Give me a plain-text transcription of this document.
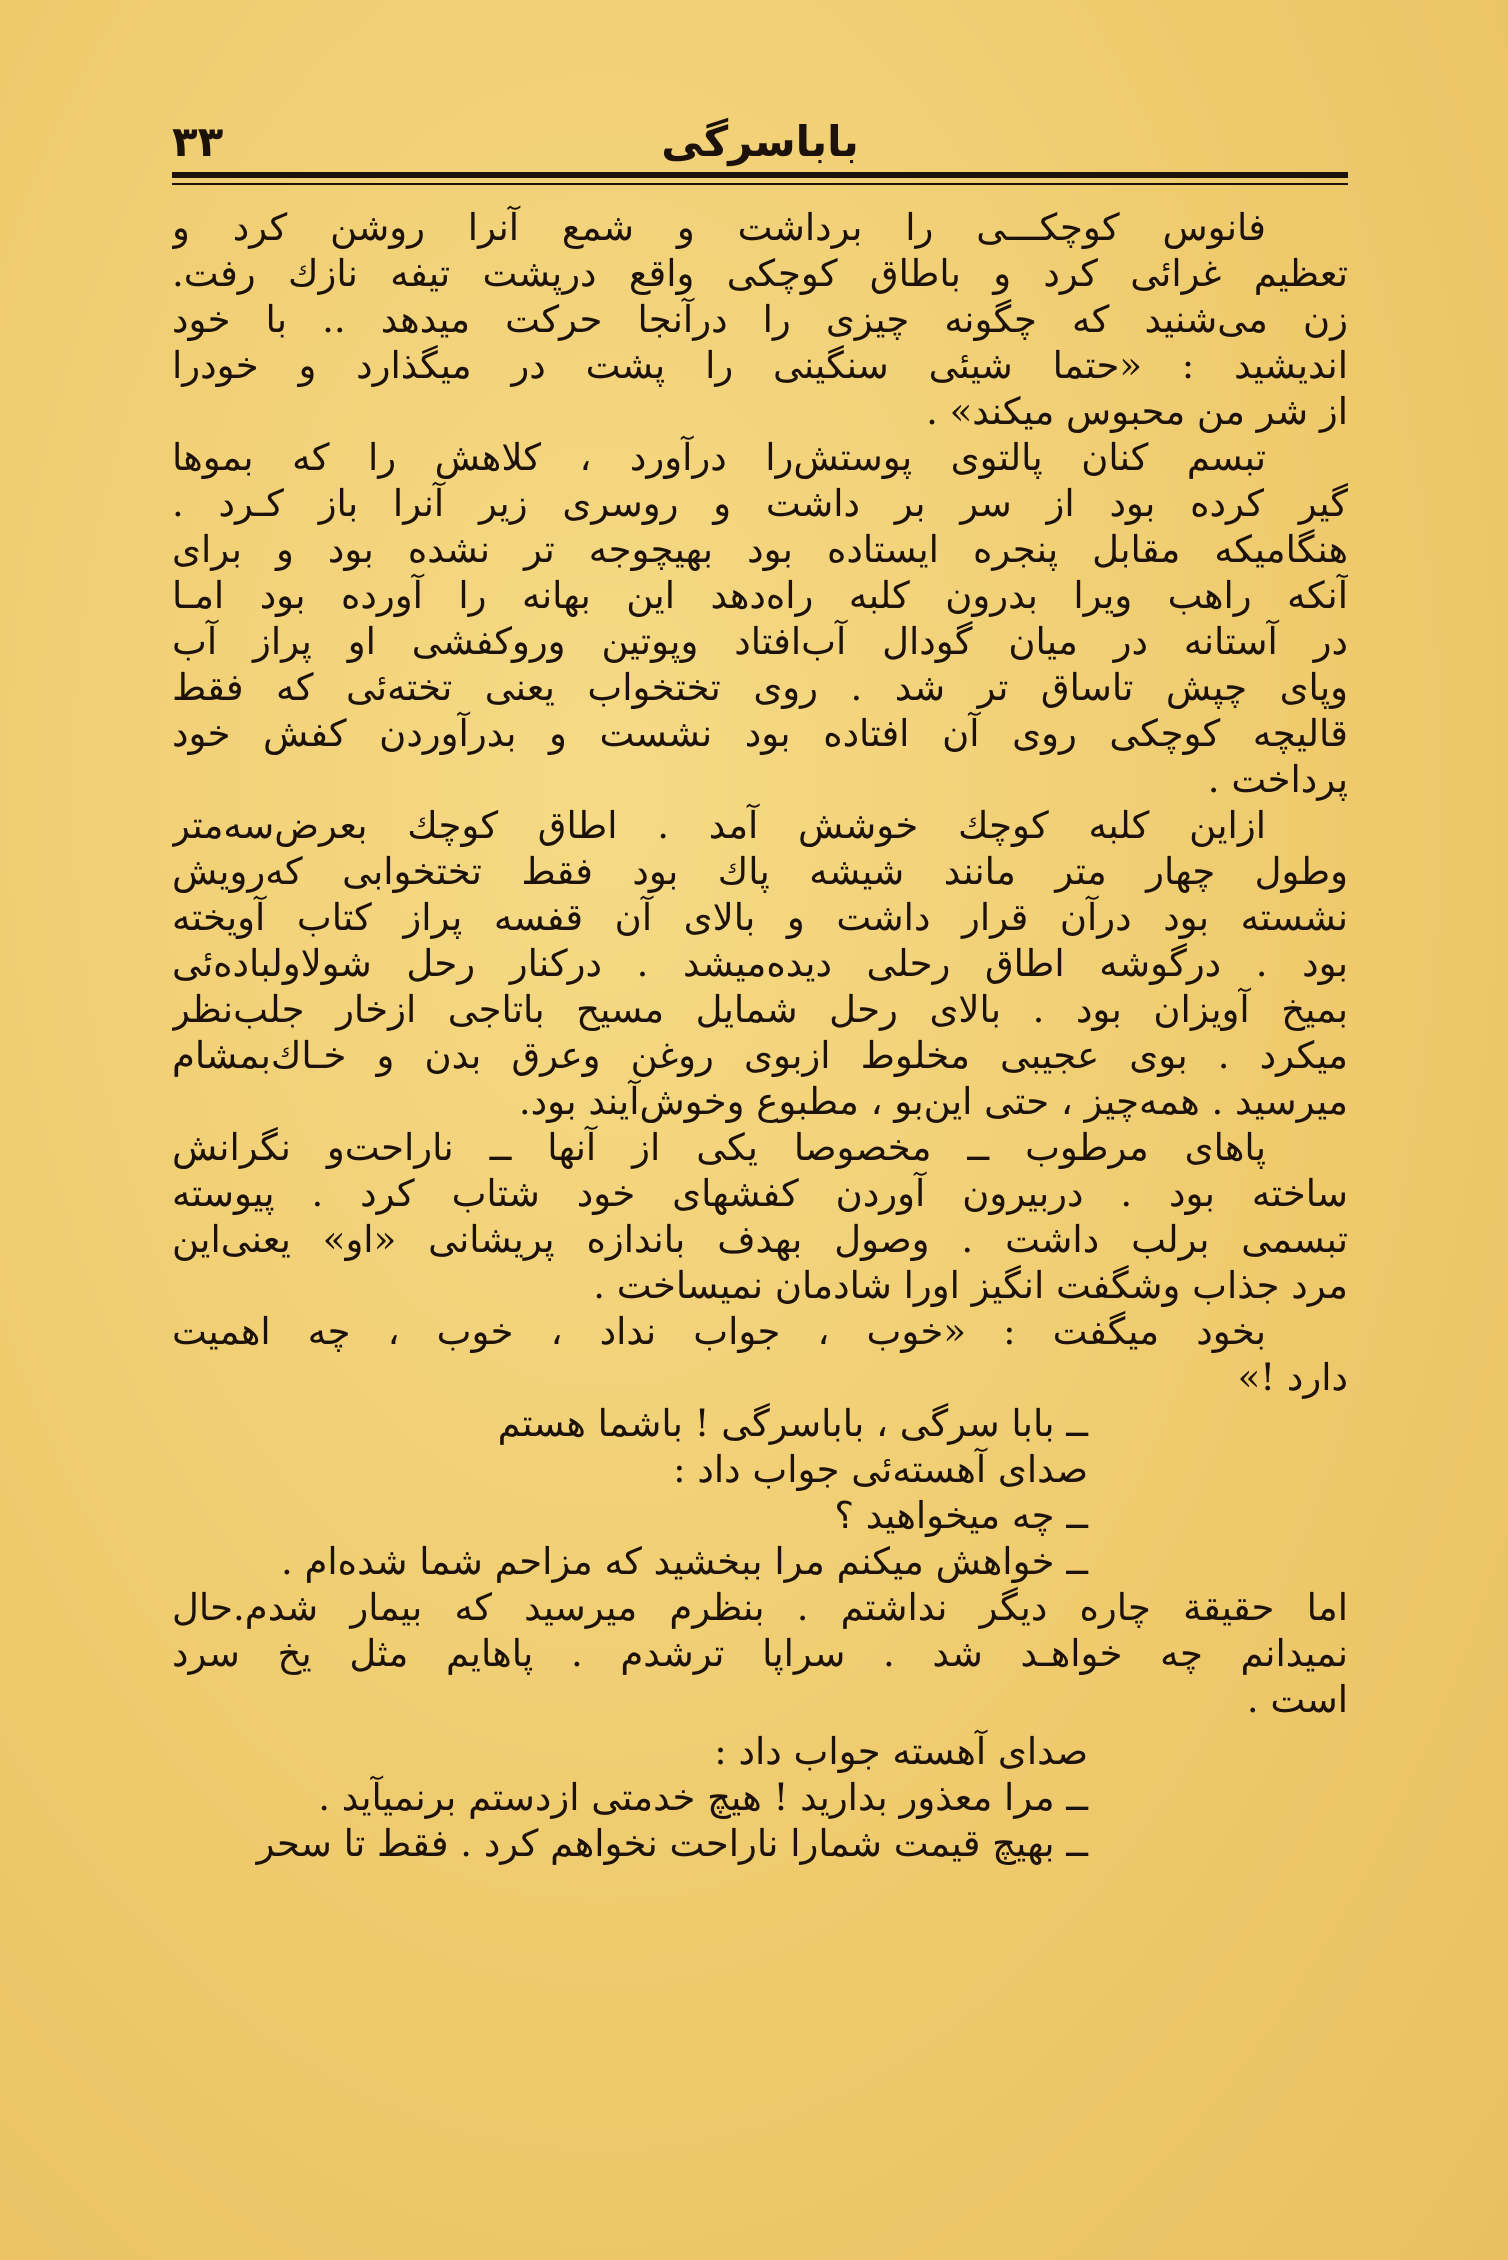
۳۳	باباسرگی
فانوس کوچکـــی را برداشت و شمع آنرا روشن کرد و
تعظیم غرائی کرد و باطاق کوچکی واقع درپشت تیفه نازك رفت.
زن می‌شنید که چگونه چیزی را درآنجا حرکت میدهد .. با خود
اندیشید : «حتما شیئی سنگینی را پشت در میگذارد و خودرا
از شر من محبوس میکند» .
تبسم کنان پالتوی پوستش‌را درآورد ، کلاهش را که بموها
گیر کرده بود از سر بر داشت و روسری زیر آنرا باز کـرد .
هنگامیکه مقابل پنجره ایستاده بود بهیچوجه تر نشده بود و برای
آنکه راهب ویرا بدرون کلبه راه‌دهد این بهانه را آورده بود امـا
در آستانه در میان گودال آب‌افتاد وپوتین وروکفشی او پراز آب
وپای چپش تاساق تر شد . روی تختخواب یعنی تخته‌ئی که فقط
قالیچه کوچکی روی آن افتاده بود نشست و بدرآوردن کفش خود
پرداخت .
ازاین کلبه کوچك خوشش آمد . اطاق کوچك بعرض‌سه‌متر
وطول چهار متر مانند شیشه پاك بود فقط تختخوابی که‌رویش
نشسته بود درآن قرار داشت و بالای آن قفسه پراز کتاب آویخته
بود . درگوشه اطاق رحلی دیده‌میشد . درکنار رحل شولاولباده‌ئی
بمیخ آویزان بود . بالای رحل شمایل مسیح باتاجی ازخار جلب‌نظر
میکرد . بوی عجیبی مخلوط ازبوی روغن وعرق بدن و خـاك‌بمشام
میرسید . همه‌چیز ، حتی این‌بو ، مطبوع وخوش‌آیند بود.
پاهای مرطوب ــ مخصوصا یکی از آنها ــ ناراحت‌و نگرانش
ساخته بود . دربیرون آوردن کفشهای خود شتاب کرد . پیوسته
تبسمی برلب داشت . وصول بهدف باندازه پریشانی «او» یعنی‌این
مرد جذاب وشگفت انگیز اورا شادمان نمیساخت .
بخود میگفت : «خوب ، جواب نداد ، خوب ، چه اهمیت
دارد !»
ــ بابا سرگی ، باباسرگی ! باشما هستم
صدای آهسته‌ئی جواب داد :
ــ چه میخواهید ؟
ــ خواهش میکنم مرا ببخشید که مزاحم شما شده‌ام .
اما حقیقة چاره دیگر نداشتم . بنظرم میرسید که بیمار شدم.حال
نمیدانم چه خواهـد شد . سراپا ترشدم . پاهایم مثل یخ سرد
است .
صدای آهسته جواب داد :
ــ مرا معذور بدارید ! هیچ خدمتی ازدستم برنمیآید .
ــ بهیچ قیمت شمارا ناراحت نخواهم کرد . فقط تا سحر
